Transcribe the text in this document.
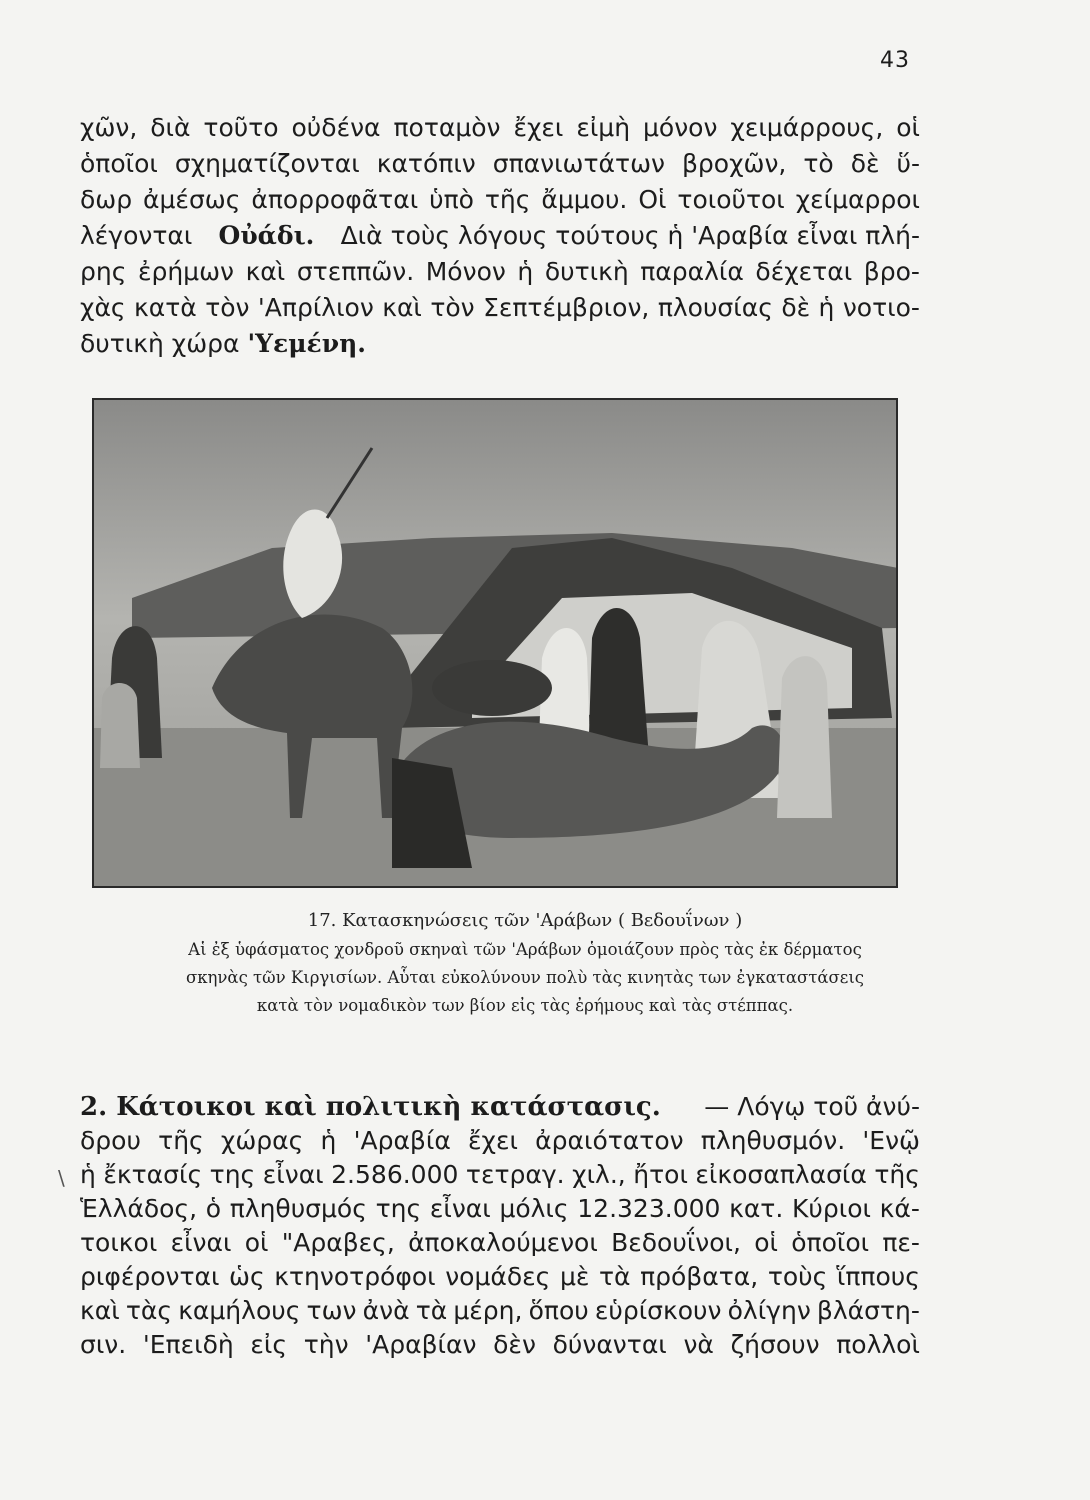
43
χῶν, διὰ τοῦτο οὐδένα ποταμὸν ἔχει εἰμὴ μόνον χειμάρρους, οἱ
ὁποῖοι σχηματίζονται κατόπιν σπανιωτάτων βροχῶν, τὸ δὲ ὕ-
δωρ ἀμέσως ἀπορροφᾶται ὑπὸ τῆς ἄμμου. Οἱ τοιοῦτοι χείμαρροι
λέγονται Οὐάδι. Διὰ τοὺς λόγους τούτους ἡ 'Αραβία εἶναι πλή-
ρης ἐρήμων καὶ στεππῶν. Μόνον ἡ δυτικὴ παραλία δέχεται βρο-
χὰς κατὰ τὸν 'Απρίλιον καὶ τὸν Σεπτέμβριον, πλουσίας δὲ ἡ νοτιο-
δυτικὴ χώρα 'Υεμένη.
17. Κατασκηνώσεις τῶν 'Αράβων ( Βεδουΐνων )
Αἱ ἐξ ὑφάσματος χονδροῦ σκηναὶ τῶν 'Αράβων ὁμοιάζουν πρὸς τὰς ἐκ δέρματος
σκηνὰς τῶν Κιργισίων. Αὗται εὐκολύνουν πολὺ τὰς κινητὰς των ἐγκαταστάσεις
κατὰ τὸν νομαδικὸν των βίον εἰς τὰς ἐρήμους καὶ τὰς στέππας.
\
2. Κάτοικοι καὶ πολιτικὴ κατάστασις. — Λόγῳ τοῦ ἀνύ-
δρου τῆς χώρας ἡ 'Αραβία ἔχει ἀραιότατον πληθυσμόν. 'Ενῷ
ἡ ἔκτασίς της εἶναι 2.586.000 τετραγ. χιλ., ἤτοι εἰκοσαπλασία τῆς
Ἑλλάδος, ὁ πληθυσμός της εἶναι μόλις 12.323.000 κατ. Κύριοι κά-
τοικοι εἶναι οἱ "Αραβες, ἀποκαλούμενοι Βεδουΐνοι, οἱ ὁποῖοι πε-
ριφέρονται ὡς κτηνοτρόφοι νομάδες μὲ τὰ πρόβατα, τοὺς ἵππους
καὶ τὰς καμήλους των ἀνὰ τὰ μέρη, ὅπου εὑρίσκουν ὀλίγην βλάστη-
σιν. 'Επειδὴ εἰς τὴν 'Αραβίαν δὲν δύνανται νὰ ζήσουν πολλοὶ
